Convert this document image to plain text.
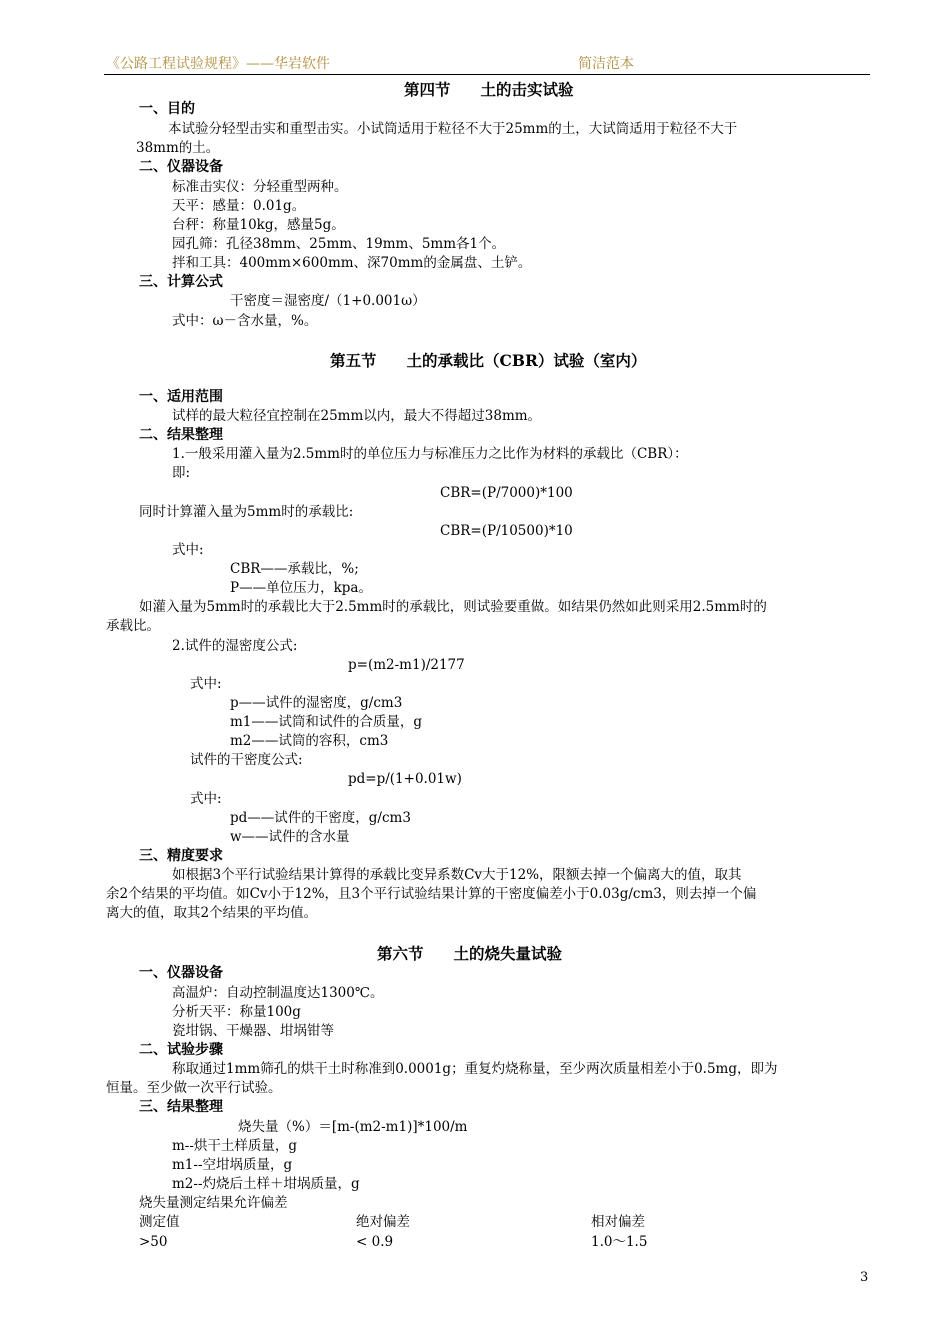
《公路工程试验规程》——华岩软件	简洁范本
第四节 土的击实试验
一、目的
本试验分轻型击实和重型击实。小试筒适用于粒径不大于25mm的土，大试筒适用于粒径不大于
38mm的土。
二、仪器设备
标准击实仪：分轻重型两种。
天平：感量：0.01g。
台秤：称量10kg，感量5g。
园孔筛：孔径38mm、25mm、19mm、5mm各1个。
拌和工具：400mm×600mm、深70mm的金属盘、土铲。
三、计算公式
干密度＝湿密度/（1+0.001ω）
式中：ω－含水量，%。
第五节 土的承载比（CBR）试验（室内）
一、适用范围
试样的最大粒径宜控制在25mm以内，最大不得超过38mm。
二、结果整理
1.一般采用灌入量为2.5mm时的单位压力与标准压力之比作为材料的承载比（CBR）：
即:
CBR=(P/7000)*100
同时计算灌入量为5mm时的承载比:
CBR=(P/10500)*10
式中:
CBR——承载比，%;
P——单位压力，kpa。
如灌入量为5mm时的承载比大于2.5mm时的承载比，则试验要重做。如结果仍然如此则采用2.5mm时的
承载比。
2.试件的湿密度公式:
p=(m2-m1)/2177
式中:
p——试件的湿密度，g/cm3
m1——试筒和试件的合质量，g
m2——试筒的容积，cm3
试件的干密度公式:
pd=p/(1+0.01w)
式中:
pd——试件的干密度，g/cm3
w——试件的含水量
三、精度要求
如根据3个平行试验结果计算得的承载比变异系数Cv大于12%，限额去掉一个偏离大的值，取其
余2个结果的平均值。如Cv小于12%，且3个平行试验结果计算的干密度偏差小于0.03g/cm3，则去掉一个偏
离大的值，取其2个结果的平均值。
第六节 土的烧失量试验
一、仪器设备
高温炉：自动控制温度达1300℃。
分析天平：称量100g
瓷坩锅、干燥器、坩埚钳等
二、试验步骤
称取通过1mm筛孔的烘干土时称准到0.0001g；重复灼烧称量，至少两次质量相差小于0.5mg，即为
恒量。至少做一次平行试验。
三、结果整理
烧失量（%）＝[m-(m2-m1)]*100/m
m--烘干土样质量，g
m1--空坩埚质量，g
m2--灼烧后土样＋坩埚质量，g
烧失量测定结果允许偏差
测定值	绝对偏差	相对偏差
>50	< 0.9	1.0～1.5
3
